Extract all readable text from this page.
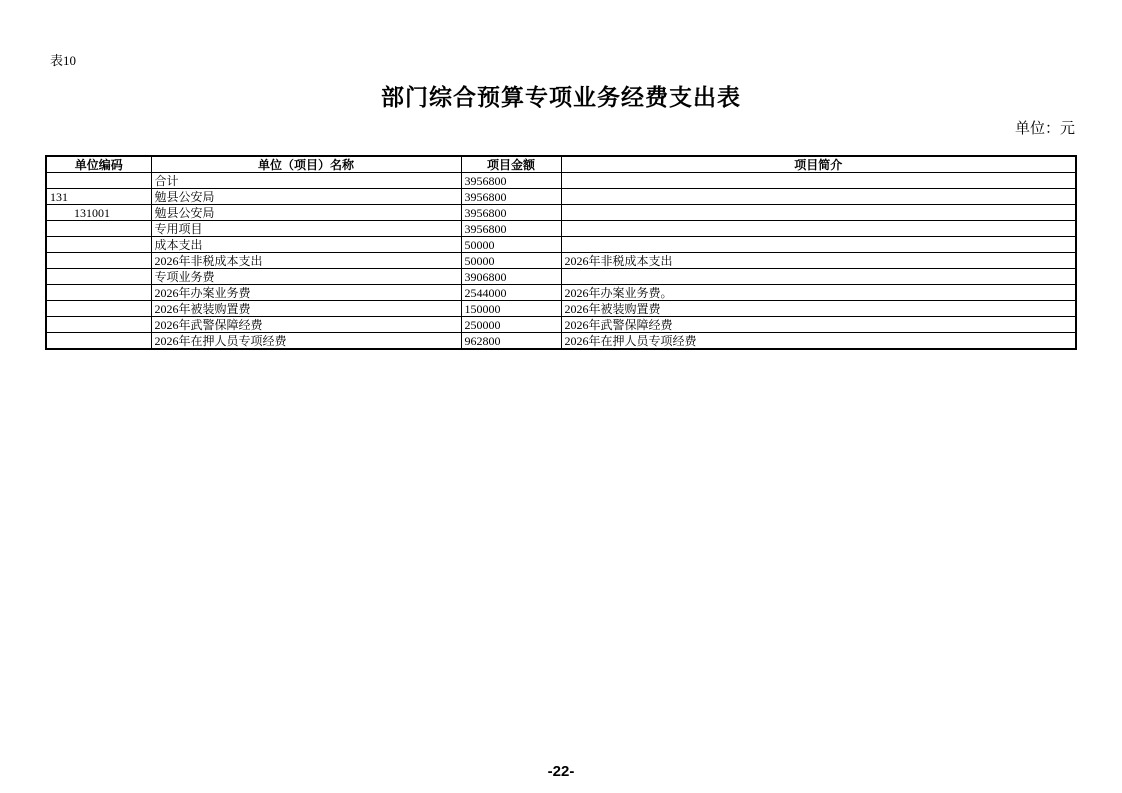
表10
部门综合预算专项业务经费支出表
单位：元
单位编码	单位（项目）名称	项目金额	项目简介
	合计	3956800	
131	勉县公安局	3956800	
131001	勉县公安局	3956800	
	专用项目	3956800	
	成本支出	50000	
	2026年非税成本支出	50000	2026年非税成本支出
	专项业务费	3906800	
	2026年办案业务费	2544000	2026年办案业务费。
	2026年被装购置费	150000	2026年被装购置费
	2026年武警保障经费	250000	2026年武警保障经费
	2026年在押人员专项经费	962800	2026年在押人员专项经费
-22-
